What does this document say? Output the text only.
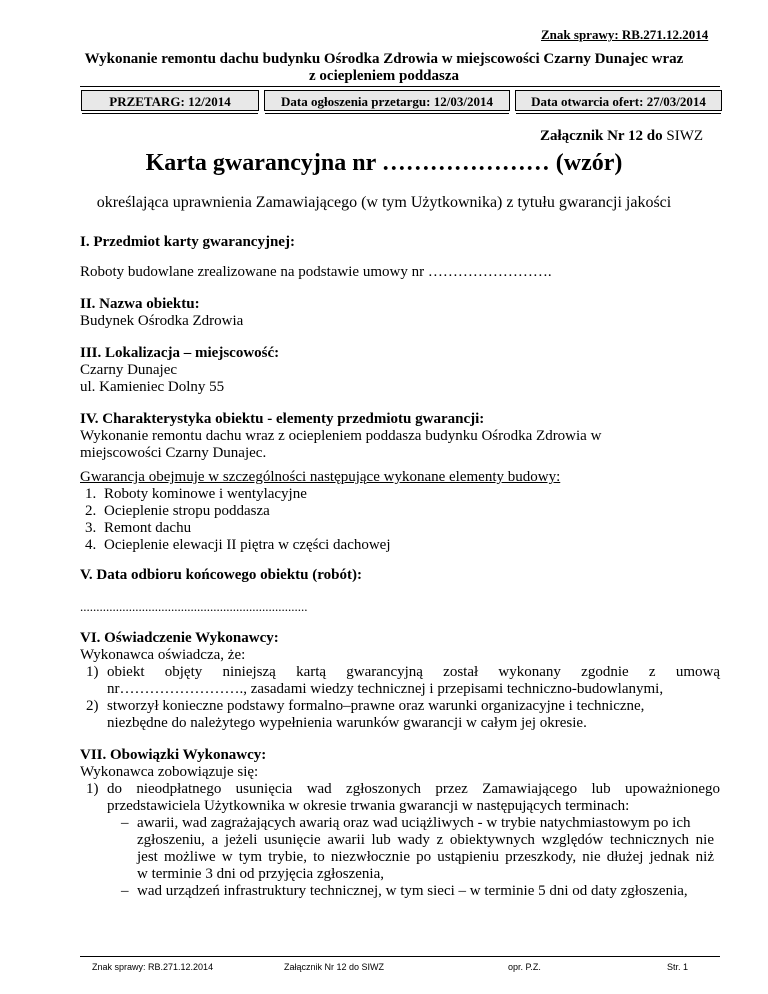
Znak sprawy: RB.271.12.2014
Wykonanie remontu dachu budynku Ośrodka Zdrowia w miejscowości Czarny Dunajec wraz
z ociepleniem poddasza
PRZETARG: 12/2014	Data ogłoszenia przetargu: 12/03/2014	Data otwarcia ofert: 27/03/2014
Załącznik Nr 12 do SIWZ
Karta gwarancyjna nr ………………… (wzór)
określająca uprawnienia Zamawiającego (w tym Użytkownika) z tytułu gwarancji jakości
I. Przedmiot karty gwarancyjnej:
Roboty budowlane zrealizowane na podstawie umowy nr …………………….
II. Nazwa obiektu:
Budynek Ośrodka Zdrowia
III. Lokalizacja – miejscowość:
Czarny Dunajec
ul. Kamieniec Dolny 55
IV. Charakterystyka obiektu - elementy przedmiotu gwarancji:
Wykonanie remontu dachu wraz z ociepleniem poddasza budynku Ośrodka Zdrowia w
miejscowości Czarny Dunajec.
Gwarancja obejmuje w szczególności następujące wykonane elementy budowy:
1. Roboty kominowe i wentylacyjne
2. Ocieplenie stropu poddasza
3. Remont dachu
4. Ocieplenie elewacji II piętra w części dachowej
V. Data odbioru końcowego obiektu (robót):
......................................................................
VI. Oświadczenie Wykonawcy:
Wykonawca oświadcza, że:
1) obiekt objęty niniejszą kartą gwarancyjną został wykonany zgodnie z umową
nr……………………., zasadami wiedzy technicznej i przepisami techniczno-budowlanymi,
2) stworzył konieczne podstawy formalno–prawne oraz warunki organizacyjne i techniczne,
niezbędne do należytego wypełnienia warunków gwarancji w całym jej okresie.
VII. Obowiązki Wykonawcy:
Wykonawca zobowiązuje się:
1) do nieodpłatnego usunięcia wad zgłoszonych przez Zamawiającego lub upoważnionego
przedstawiciela Użytkownika w okresie trwania gwarancji w następujących terminach:
– awarii, wad zagrażających awarią oraz wad uciążliwych - w trybie natychmiastowym po ich
zgłoszeniu, a jeżeli usunięcie awarii lub wady z obiektywnych względów technicznych nie
jest możliwe w tym trybie, to niezwłocznie po ustąpieniu przeszkody, nie dłużej jednak niż
w terminie 3 dni od przyjęcia zgłoszenia,
– wad urządzeń infrastruktury technicznej, w tym sieci – w terminie 5 dni od daty zgłoszenia,
Znak sprawy: RB.271.12.2014	Załącznik Nr 12 do SIWZ	opr. P.Z.	Str. 1
